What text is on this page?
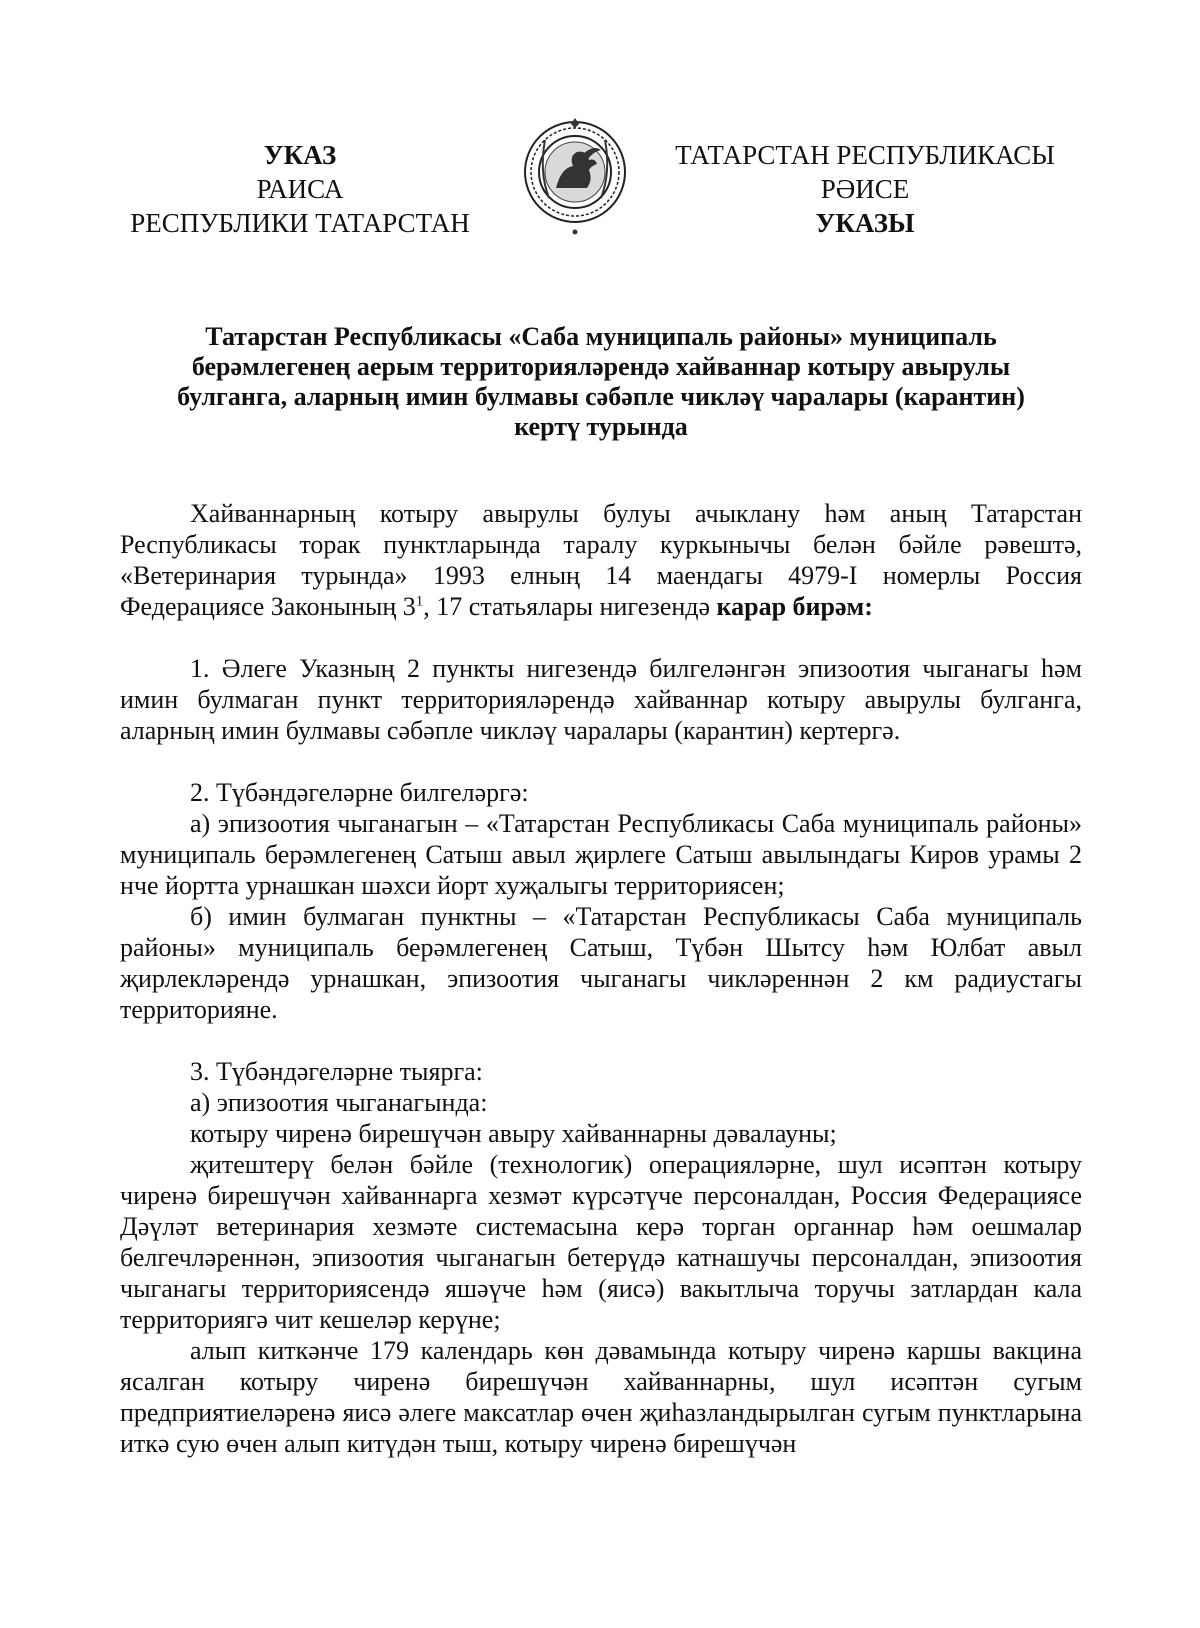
УКАЗ
РАИСА
РЕСПУБЛИКИ ТАТАРСТАН
ТАТАРСТАН РЕСПУБЛИКАСЫ
РӘИСЕ
УКАЗЫ
Татарстан Республикасы «Саба муниципаль районы» муниципаль
берәмлегенең аерым территорияләрендә хайваннар котыру авырулы
булганга, аларның имин булмавы сәбәпле чикләү чаралары (карантин)
кертү турында

Хайваннарның котыру авырулы булуы ачыклану һәм аның Татарстан Республикасы торак пунктларында таралу куркынычы белән бәйле рәвештә, «Ветеринария турында» 1993 елның 14 маендагы 4979-I номерлы Россия Федерациясе Законының $3^1$, 17 статьялары нигезендә карар бирәм:

1. Әлеге Указның 2 пункты нигезендә билгеләнгән эпизоотия чыганагы һәм имин булмаган пункт территорияләрендә хайваннар котыру авырулы булганга, аларның имин булмавы сәбәпле чикләү чаралары (карантин) кертергә.

2. Түбәндәгеләрне билгеләргә:

а) эпизоотия чыганагын – «Татарстан Республикасы Саба муниципаль районы» муниципаль берәмлегенең Сатыш авыл җирлеге Сатыш авылындагы Киров урамы 2 нче йортта урнашкан шәхси йорт хуҗалыгы территориясен;

б) имин булмаган пунктны – «Татарстан Республикасы Саба муниципаль районы» муниципаль берәмлегенең Сатыш, Түбән Шытсу һәм Юлбат авыл җирлекләрендә урнашкан, эпизоотия чыганагы чикләреннән 2 км радиустагы территорияне.

3. Түбәндәгеләрне тыярга:

а) эпизоотия чыганагында:

котыру чиренә бирешүчән авыру хайваннарны дәвалауны;

җитештерү белән бәйле (технологик) операцияләрне, шул исәптән котыру чиренә бирешүчән хайваннарга хезмәт күрсәтүче персоналдан, Россия Федерациясе Дәүләт ветеринария хезмәте системасына керә торган органнар һәм оешмалар белгечләреннән, эпизоотия чыганагын бетерүдә катнашучы персоналдан, эпизоотия чыганагы территориясендә яшәүче һәм (яисә) вакытлыча торучы затлардан кала территориягә чит кешеләр керүне;

алып киткәнче 179 календарь көн дәвамында котыру чиренә каршы вакцина ясалган котыру чиренә бирешүчән хайваннарны, шул исәптән сугым предприятиеләренә яисә әлеге максатлар өчен җиһазландырылган сугым пунктларына иткә сую өчен алып китүдән тыш, котыру чиренә бирешүчән
